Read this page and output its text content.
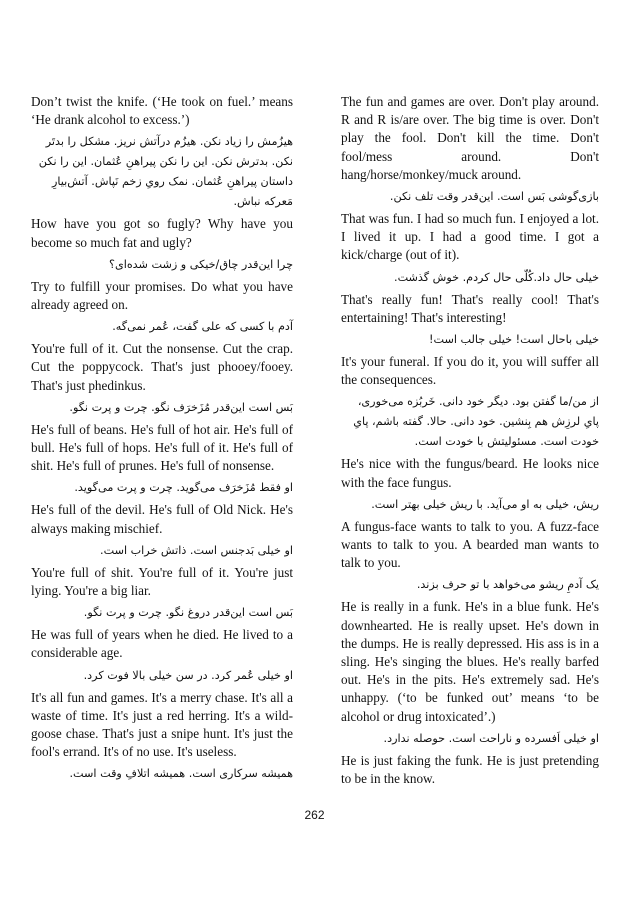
Don’t twist the knife. (‘He took on fuel.’ means ‘He drank alcohol to excess.’)

هیزُمش را زیاد نکن. هیزُم درآتش نریز. مشکل را بدتَر نکن. بدترش نکن. این را نکن پیراهنِ عُثمان. این را نکن داستان پیراهنِ عُثمان. نمک رویِ زخم نَپاش. آتش‌بیارِ مَعرکه نباش.

How have you got so fugly? Why have you become so much fat and ugly?

چرا این‌قدر چاق/خیکی و زشت شده‌ای؟

Try to fulfill your promises. Do what you have already agreed on.

آدم با کسی که علی گفت، عُمر نمی‌گه.

You're full of it. Cut the nonsense. Cut the crap. Cut the poppycock. That's just phooey/fooey. That's just phedinkus.

بَس است این‌قدر مُزَخرَف نگو. چرت و پرت نگو.

He's full of beans. He's full of hot air. He's full of bull. He's full of hops. He's full of it. He's full of shit. He's full of prunes. He's full of nonsense.

او فقط مُزَخرَف می‌گوید. چرت و پرت می‌گوید.

He's full of the devil. He's full of Old Nick. He's always making mischief.

او خیلی بَدجنس است. ذاتش خراب است.

You're full of shit. You're full of it. You're just lying. You're a big liar.

بَس است این‌قدر دروغ نگو. چرت و پرت نگو.

He was full of years when he died. He lived to a considerable age.

او خیلی عُمر کرد. در سن خیلی بالا فوت کرد.

It's all fun and games. It's a merry chase. It's all a waste of time. It's just a red herring. It's a wild-goose chase. That's just a snipe hunt. It's just the fool's errand. It's of no use. It's useless.

همیشه سرکاری است. همیشه اتلافِ وقت است.

The fun and games are over. Don't play around. R and R is/are over. The big time is over. Don't play the fool. Don't kill the time. Don't fool/mess around. Don't hang/horse/monkey/muck around.

بازی‌گوشی بَس است. این‌قدر وقت تلف نکن.

That was fun. I had so much fun. I enjoyed a lot. I lived it up. I had a good time. I got a kick/charge (out of it).

خیلی حال داد.کُلّی حال کردم. خوش گذشت.

That's really fun! That's really cool! That's entertaining! That's interesting!

خیلی باحال است! خیلی جالب است!

It's your funeral. If you do it, you will suffer all the consequences.

از من/ما گفتن بود. دیگر خود دانی. خَربُزه می‌خوری، پایِ لرزِش هم بِنشین. خود دانی. حالا. گفته باشم، پایِ خودت است. مسئولیتش با خودت است.

He's nice with the fungus/beard. He looks nice with the face fungus.

ریش، خیلی به او می‌آید. با ریش خیلی بهتر است.

A fungus-face wants to talk to you. A fuzz-face wants to talk to you. A bearded man wants to talk to you.

یک آدمِ ریشو می‌خواهد با تو حرف بزند.

He is really in a funk. He's in a blue funk. He's downhearted. He is really upset. He's down in the dumps. He is really depressed. His ass is in a sling. He's singing the blues. He's really barfed out. He's in the pits. He's extremely sad. He's unhappy. (‘to be funked out’ means ‘to be alcohol or drug intoxicated’.)

او خیلی اَفسرده و ناراحت است. حوصله ندارد.

He is just faking the funk. He is just pretending to be in the know.

262
